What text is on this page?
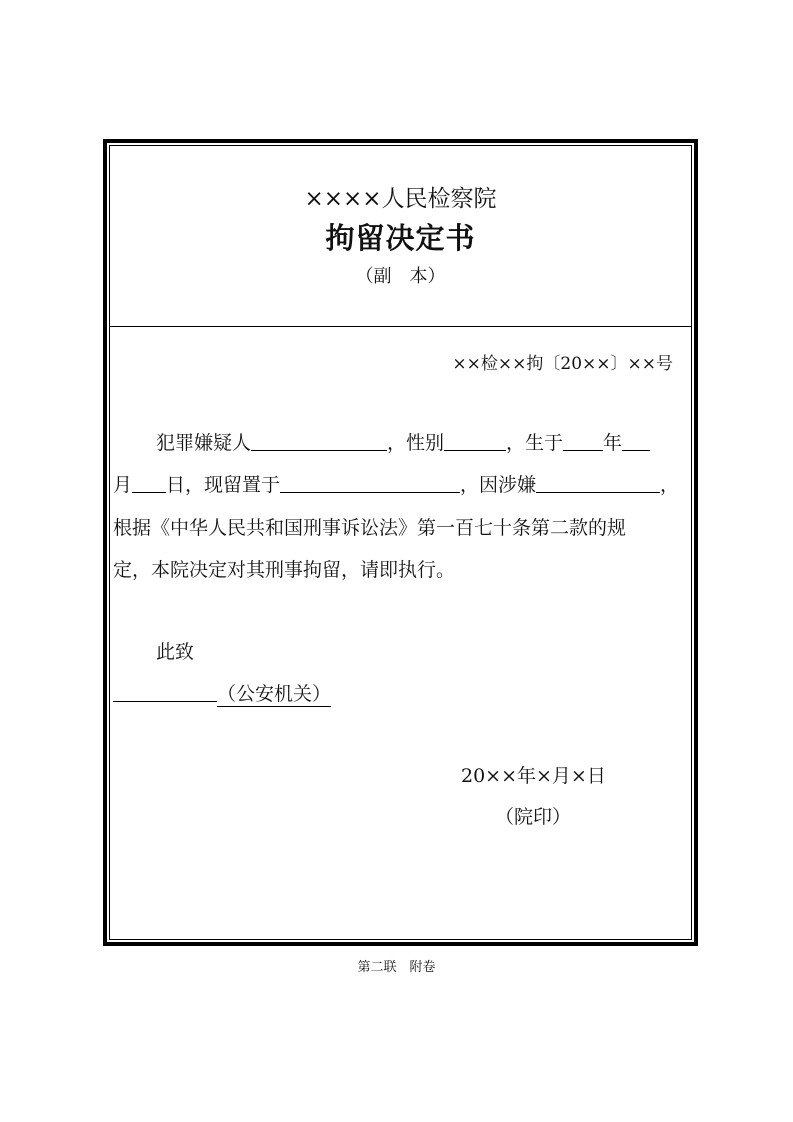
××××人民检察院
拘留决定书
（副　本）
××检××拘〔20××〕××号
犯罪嫌疑人	，性别	，生于 年
月 日，现留置于	，因涉嫌	，
根据《中华人民共和国刑事诉讼法》第一百七十条第二款的规
定，本院决定对其刑事拘留，请即执行。
此致
（公安机关）
20××年×月×日
（院印）
第二联　附卷
